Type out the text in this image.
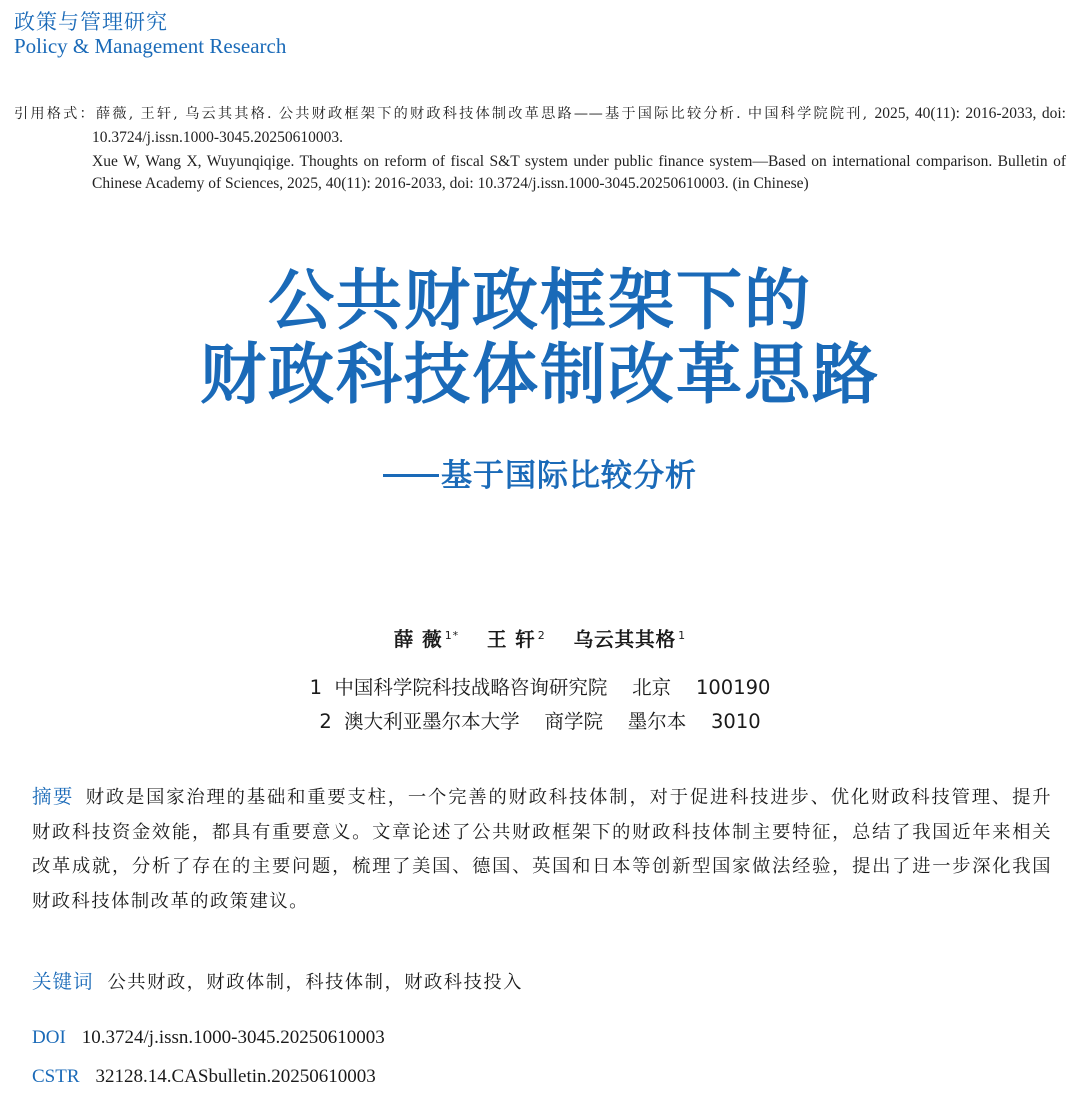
政策与管理研究
Policy & Management Research
引用格式：薛薇, 王轩, 乌云其其格. 公共财政框架下的财政科技体制改革思路——基于国际比较分析. 中国科学院院刊, 2025, 40(11): 2016-2033, doi: 10.3724/j.issn.1000-3045.20250610003.
Xue W, Wang X, Wuyunqiqige. Thoughts on reform of fiscal S&T system under public finance system—Based on international comparison. Bulletin of Chinese Academy of Sciences, 2025, 40(11): 2016-2033, doi: 10.3724/j.issn.1000-3045.20250610003. (in Chinese)
公共财政框架下的
财政科技体制改革思路
基于国际比较分析
薛 薇 $^{1*}$ 王 轩 $^2$ 乌云其其格 $^1$
1  中国科学院科技战略咨询研究院    北京    100190
2  澳大利亚墨尔本大学    商学院    墨尔本    3010
摘要 财政是国家治理的基础和重要支柱，一个完善的财政科技体制，对于促进科技进步、优化财政科技管理、提升财政科技资金效能，都具有重要意义。文章论述了公共财政框架下的财政科技体制主要特征，总结了我国近年来相关改革成就，分析了存在的主要问题，梳理了美国、德国、英国和日本等创新型国家做法经验，提出了进一步深化我国财政科技体制改革的政策建议。
关键词 公共财政，财政体制，科技体制，财政科技投入
DOI 10.3724/j.issn.1000-3045.20250610003
CSTR 32128.14.CASbulletin.20250610003
